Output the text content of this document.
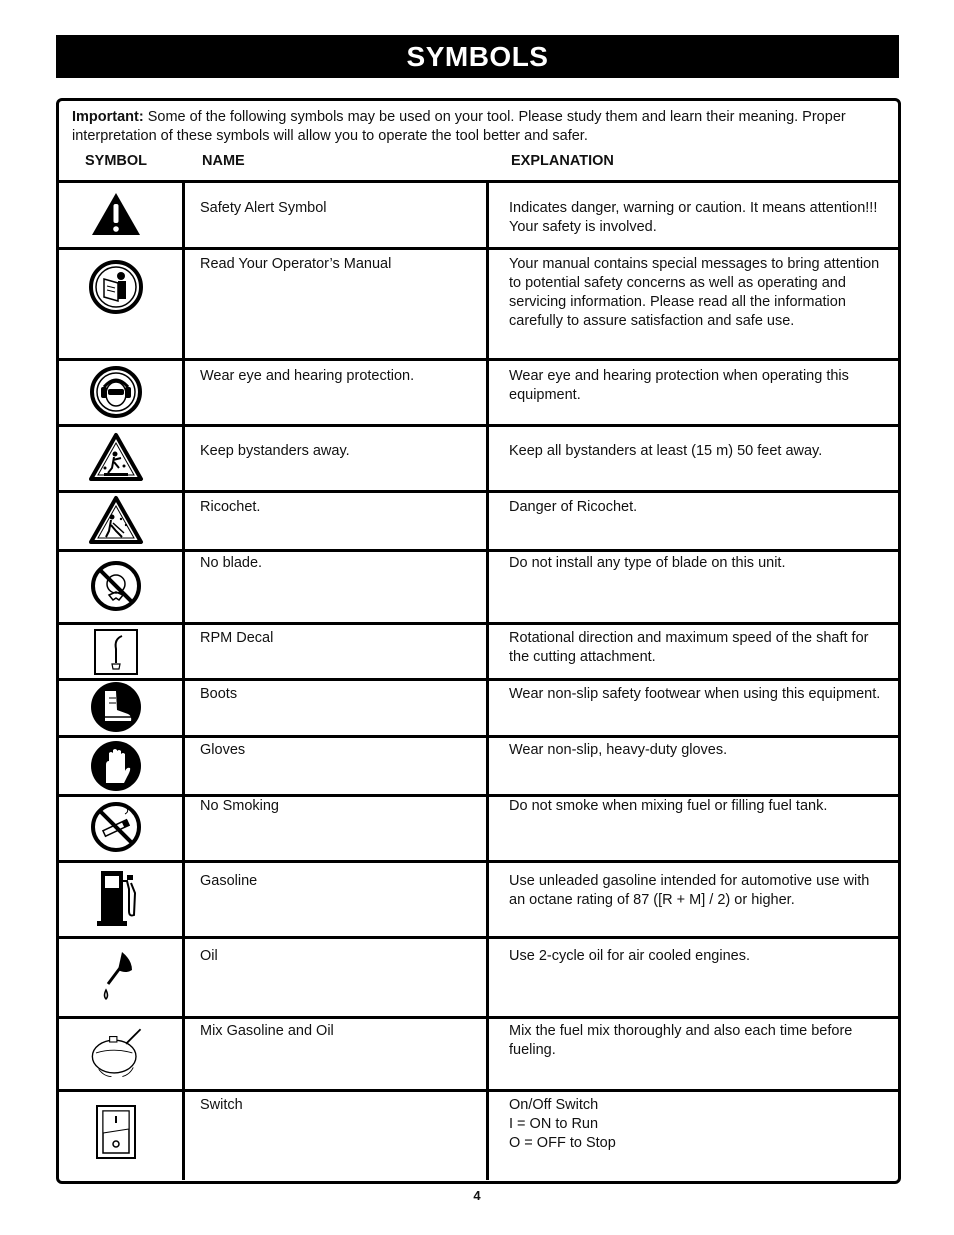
SYMBOLS
Important: Some of the following symbols may be used on your tool. Please study them and learn their meaning. Proper interpretation of these symbols will allow you to operate the tool better and safer.
SYMBOL	NAME	EXPLANATION
Safety Alert Symbol	Indicates danger, warning or caution. It means attention!!! Your safety is involved.
Read Your Operator’s Manual	Your manual contains special messages to bring attention to potential safety concerns as well as operating and servicing information. Please read all the information carefully to assure satisfaction and safe use.
Wear eye and hearing protection.	Wear eye and hearing protection when operating this equipment.
Keep bystanders away.	Keep all bystanders at least (15 m) 50 feet away.
Ricochet.	Danger of Ricochet.
No blade.	Do not install any type of blade on this unit.
RPM Decal	Rotational direction and maximum speed of the shaft for the cutting attachment.
Boots	Wear non-slip safety footwear when using this equipment.
Gloves	Wear non-slip, heavy-duty gloves.
No Smoking	Do not smoke when mixing fuel or filling fuel tank.
Gasoline	Use unleaded gasoline intended for automotive use with an octane rating of 87 ([R + M] / 2) or higher.
Oil	Use 2-cycle oil for air cooled engines.
Mix Gasoline and Oil	Mix the fuel mix thoroughly and also each time before fueling.
Switch	On/Off Switch
I = ON to Run
O = OFF to Stop
4
